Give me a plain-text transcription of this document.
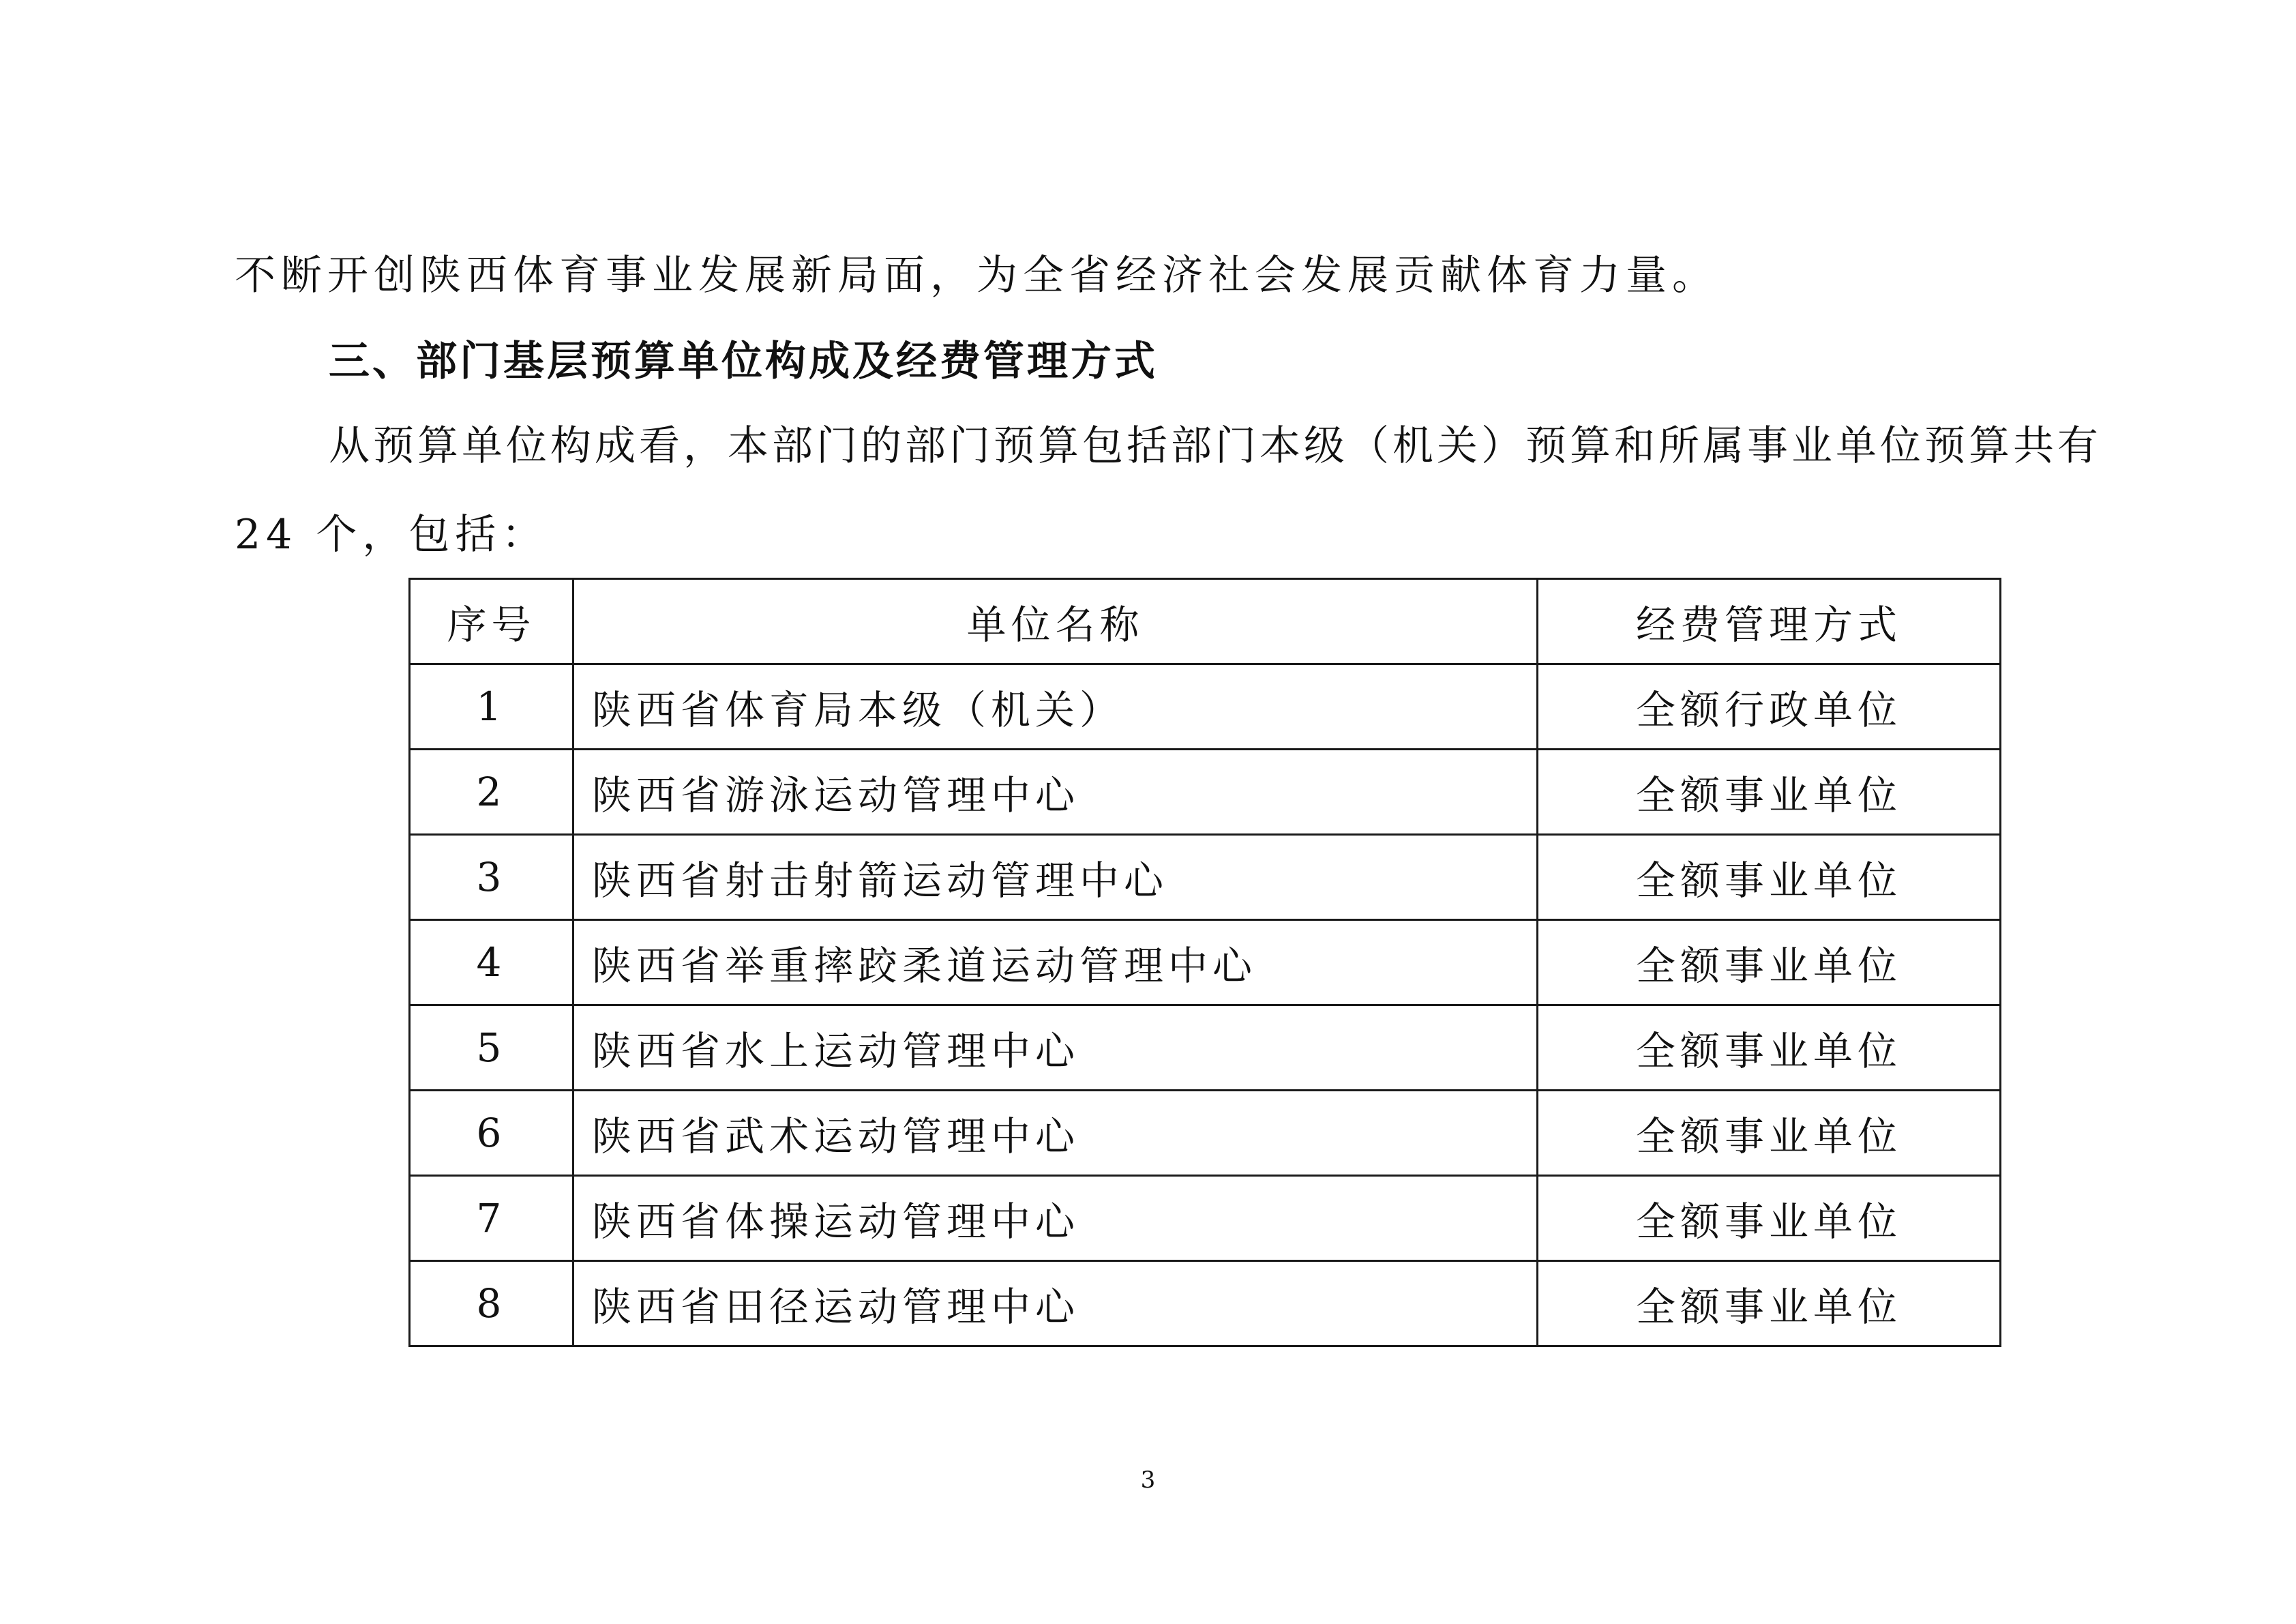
不断开创陕西体育事业发展新局面，为全省经济社会发展贡献体育力量。

三、部门基层预算单位构成及经费管理方式

从预算单位构成看，本部门的部门预算包括部门本级（机关）预算和所属事业单位预算共有

24 个，包括：

序号	单位名称	经费管理方式
1	陕西省体育局本级（机关）	全额行政单位
2	陕西省游泳运动管理中心	全额事业单位
3	陕西省射击射箭运动管理中心	全额事业单位
4	陕西省举重摔跤柔道运动管理中心	全额事业单位
5	陕西省水上运动管理中心	全额事业单位
6	陕西省武术运动管理中心	全额事业单位
7	陕西省体操运动管理中心	全额事业单位
8	陕西省田径运动管理中心	全额事业单位

3
